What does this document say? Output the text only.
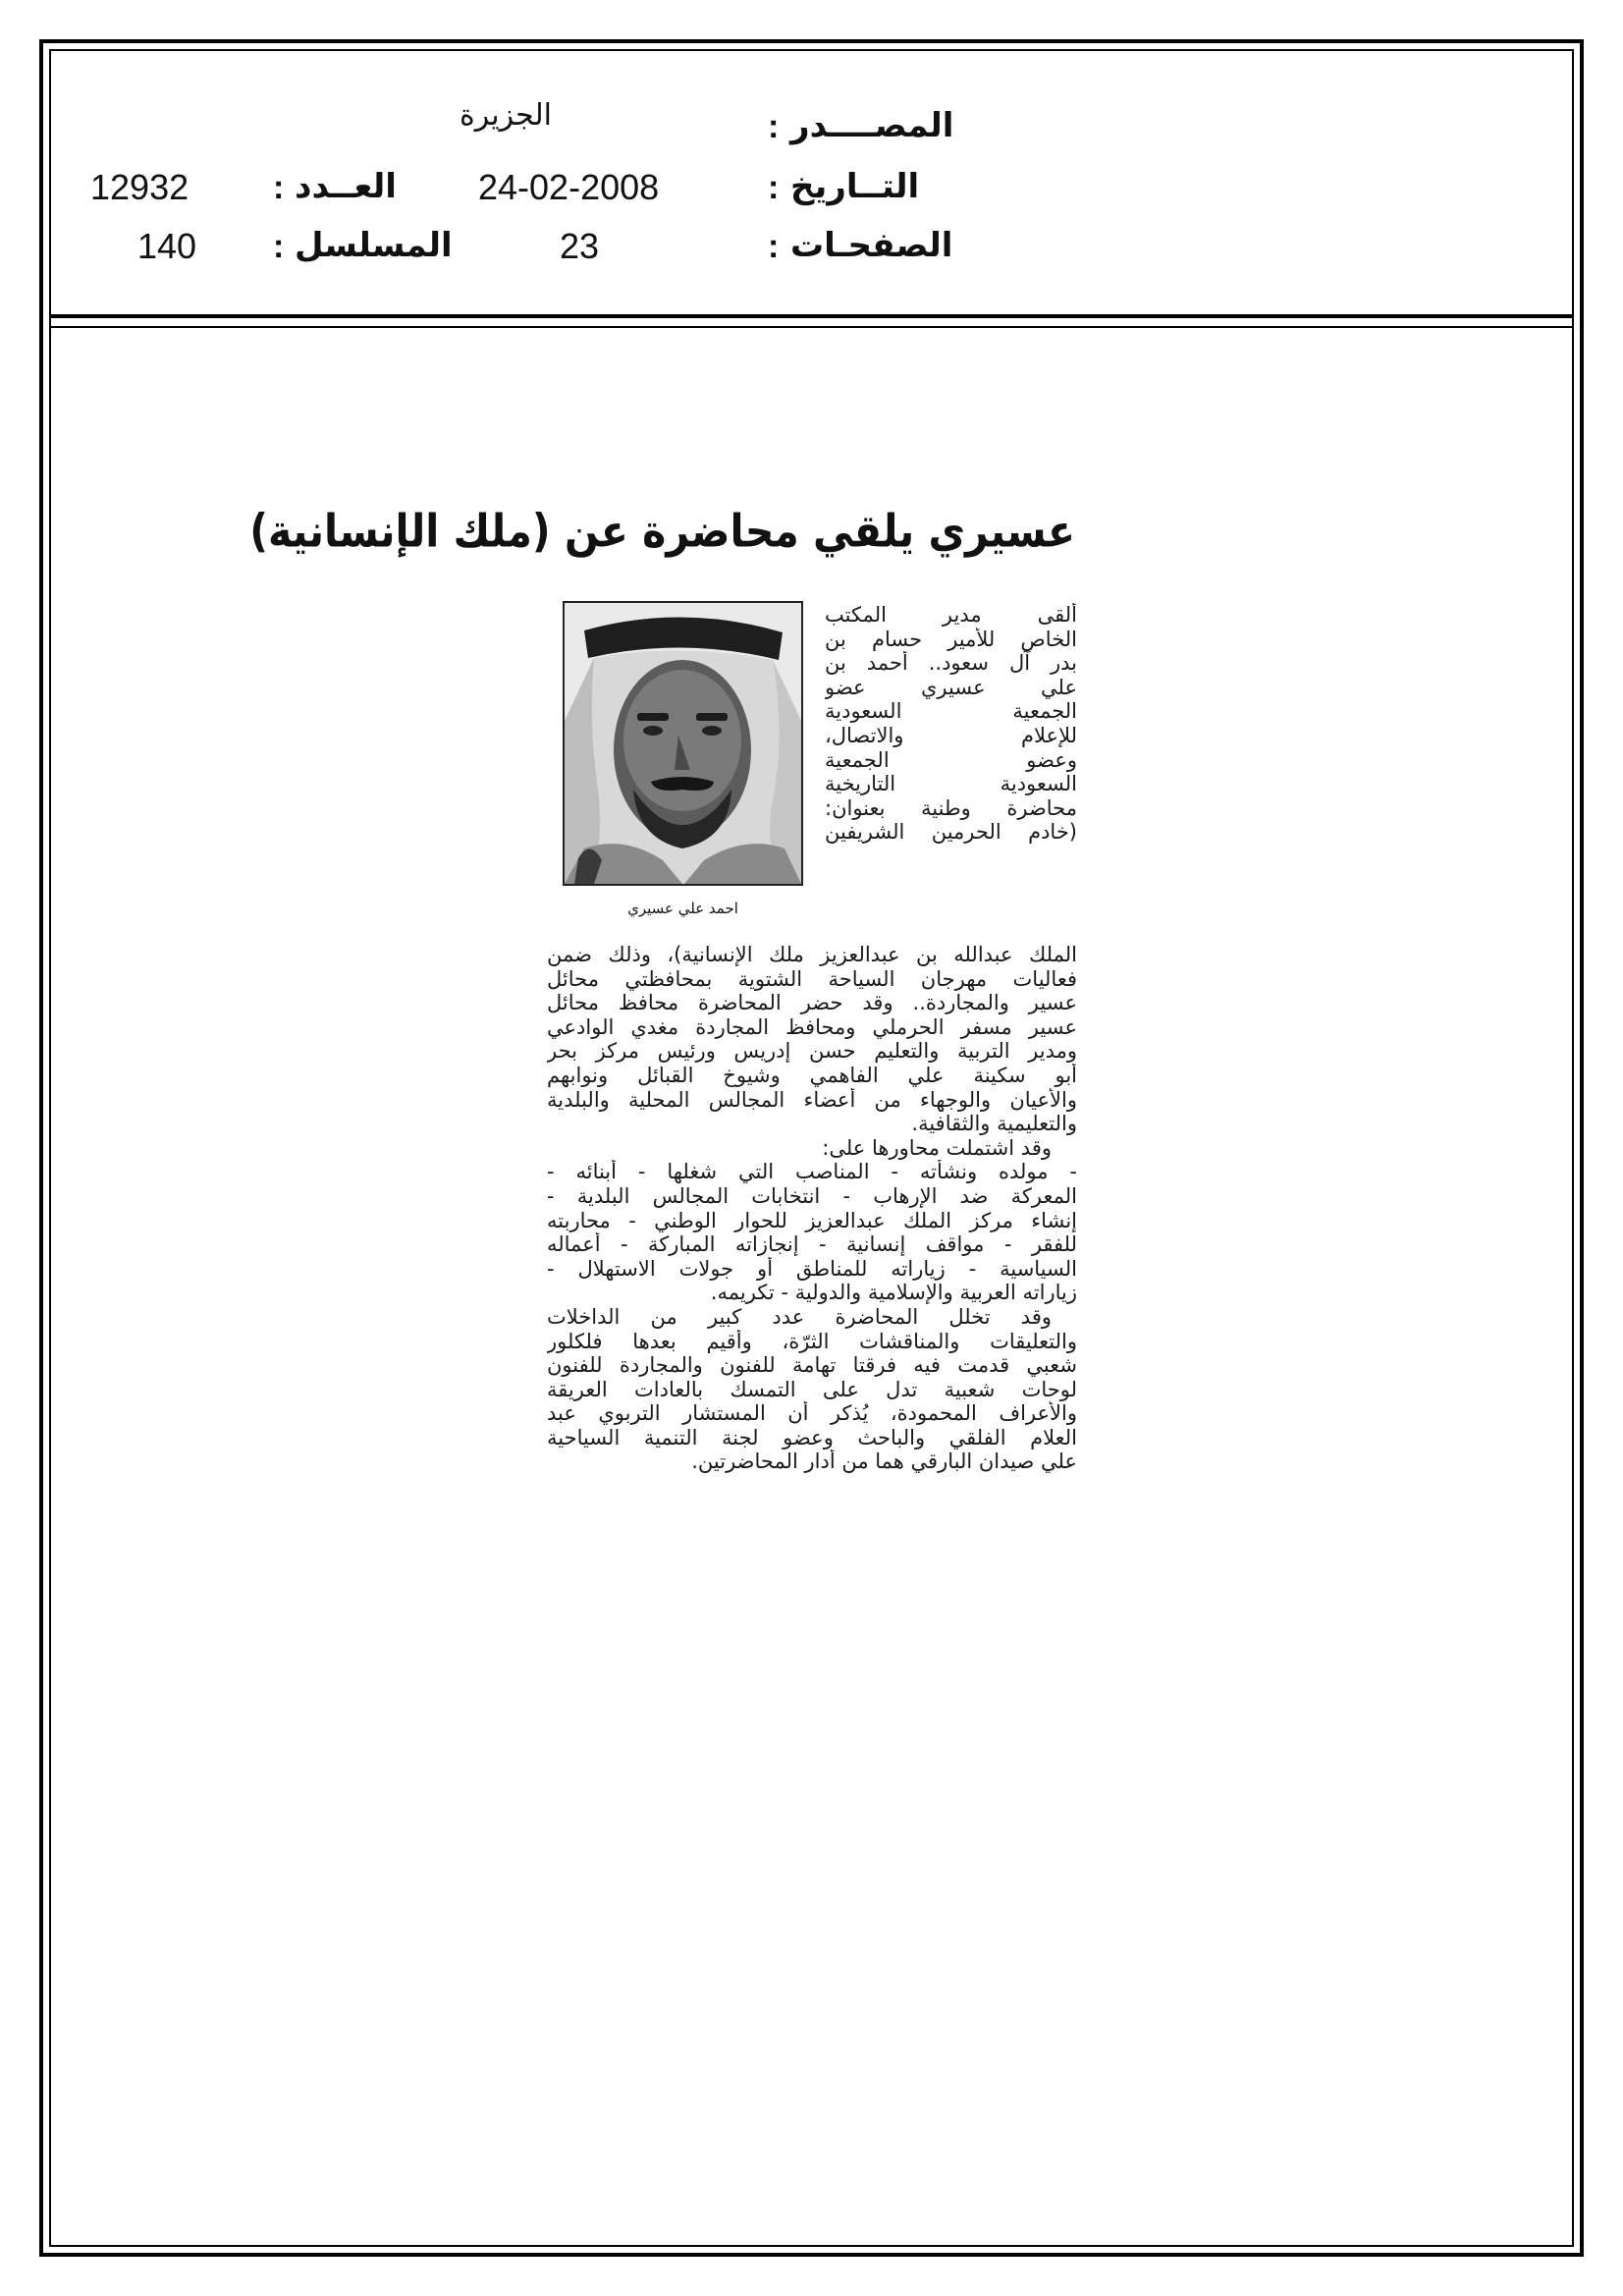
المصــــدر
:
الجزيرة
التــاريخ
:
24-02-2008
العــدد
:
12932
الصفحـات
:
23
المسلسل
:
140
عسيري يلقي محاضرة عن (ملك الإنسانية)
احمد علي عسيري
ألقى مدير المكتب
الخاص للأمير حسام بن
بدر آل سعود.. أحمد بن
علي عسيري عضو
الجمعية السعودية
للإعلام والاتصال،
وعضو الجمعية
السعودية التاريخية
محاضرة وطنية بعنوان:
(خادم الحرمين الشريفين
الملك عبدالله بن عبدالعزيز ملك الإنسانية)، وذلك ضمن
فعاليات مهرجان السياحة الشتوية بمحافظتي محائل
عسير والمجاردة.. وقد حضر المحاضرة محافظ محائل
عسير مسفر الحرملي ومحافظ المجاردة مغدي الوادعي
ومدير التربية والتعليم حسن إدريس ورئيس مركز بحر
أبو سكينة علي الفاهمي وشيوخ القبائل ونوابهم
والأعيان والوجهاء من أعضاء المجالس المحلية والبلدية
والتعليمية والثقافية.
وقد اشتملت محاورها على:
- مولده ونشأته - المناصب التي شغلها - أبنائه -
المعركة ضد الإرهاب - انتخابات المجالس البلدية -
إنشاء مركز الملك عبدالعزيز للحوار الوطني - محاربته
للفقر - مواقف إنسانية - إنجازاته المباركة - أعماله
السياسية - زياراته للمناطق أو جولات الاستهلال -
زياراته العربية والإسلامية والدولية - تكريمه.
وقد تخلل المحاضرة عدد كبير من الداخلات
والتعليقات والمناقشات الثرّة، وأُقيم بعدها فلكلور
شعبي قدمت فيه فرقتا تهامة للفنون والمجاردة للفنون
لوحات شعبية تدل على التمسك بالعادات العريقة
والأعراف المحمودة، يُذكر أن المستشار التربوي عبد
العلام الفلقي والباحث وعضو لجنة التنمية السياحية
علي صيدان البارقي هما من أدار المحاضرتين.
